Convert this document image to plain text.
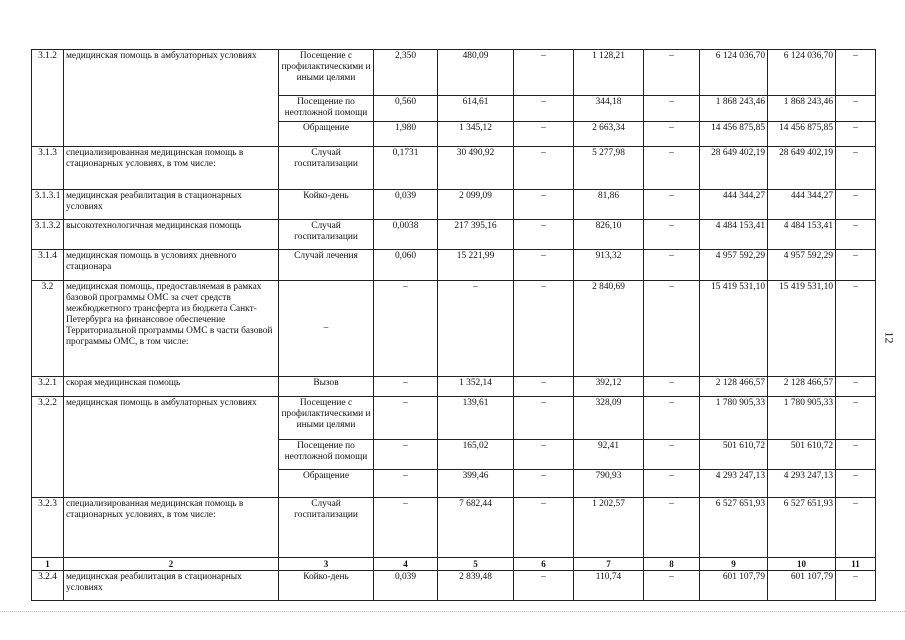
3.1.2	медицинская помощь в амбулаторных условиях	Посещение с профилактическими и иными целями	2,350	480,09	–	1 128,21	–	6 124 036,70	6 124 036,70	–
		Посещение по неотложной помощи	0,560	614,61	–	344,18	–	1 868 243,46	1 868 243,46	–
		Обращение	1,980	1 345,12	–	2 663,34	–	14 456 875,85	14 456 875,85	–
3.1.3	специализированная медицинская помощь в стационарных условиях, в том числе:	Случай госпитализации	0,1731	30 490,92	–	5 277,98	–	28 649 402,19	28 649 402,19	–
3.1.3.1	медицинская реабилитация в стационарных условиях	Койко-день	0,039	2 099,09	–	81,86	–	444 344,27	444 344,27	–
3.1.3.2	высокотехнологичная медицинская помощь	Случай госпитализации	0,0038	217 395,16	–	826,10	–	4 484 153,41	4 484 153,41	–
3.1.4	медицинская помощь в условиях дневного стационара	Случай лечения	0,060	15 221,99	–	913,32	–	4 957 592,29	4 957 592,29	–
3.2	медицинская помощь, предоставляемая в рамках базовой программы ОМС за счет средств межбюджетного трансферта из бюджета Санкт-Петербурга на финансовое обеспечение Территориальной программы ОМС в части базовой программы ОМС, в том числе:	–	–	–	–	2 840,69	–	15 419 531,10	15 419 531,10	–
3.2.1	скорая медицинская помощь	Вызов	–	1 352,14	–	392,12	–	2 128 466,57	2 128 466,57	–
3.2.2	медицинская помощь в амбулаторных условиях	Посещение с профилактическими и иными целями	–	139,61	–	328,09	–	1 780 905,33	1 780 905,33	–
		Посещение по неотложной помощи	–	165,02	–	92,41	–	501 610,72	501 610,72	–
		Обращение	–	399,46	–	790,93	–	4 293 247,13	4 293 247,13	–
3.2.3	специализированная медицинская помощь в стационарных условиях, в том числе:	Случай госпитализации	–	7 682,44	–	1 202,57	–	6 527 651,93	6 527 651,93	–
1	2	3	4	5	6	7	8	9	10	11
3.2.4	медицинская реабилитация в стационарных условиях	Койко-день	0,039	2 839,48	–	110,74	–	601 107,79	601 107,79	–
12
